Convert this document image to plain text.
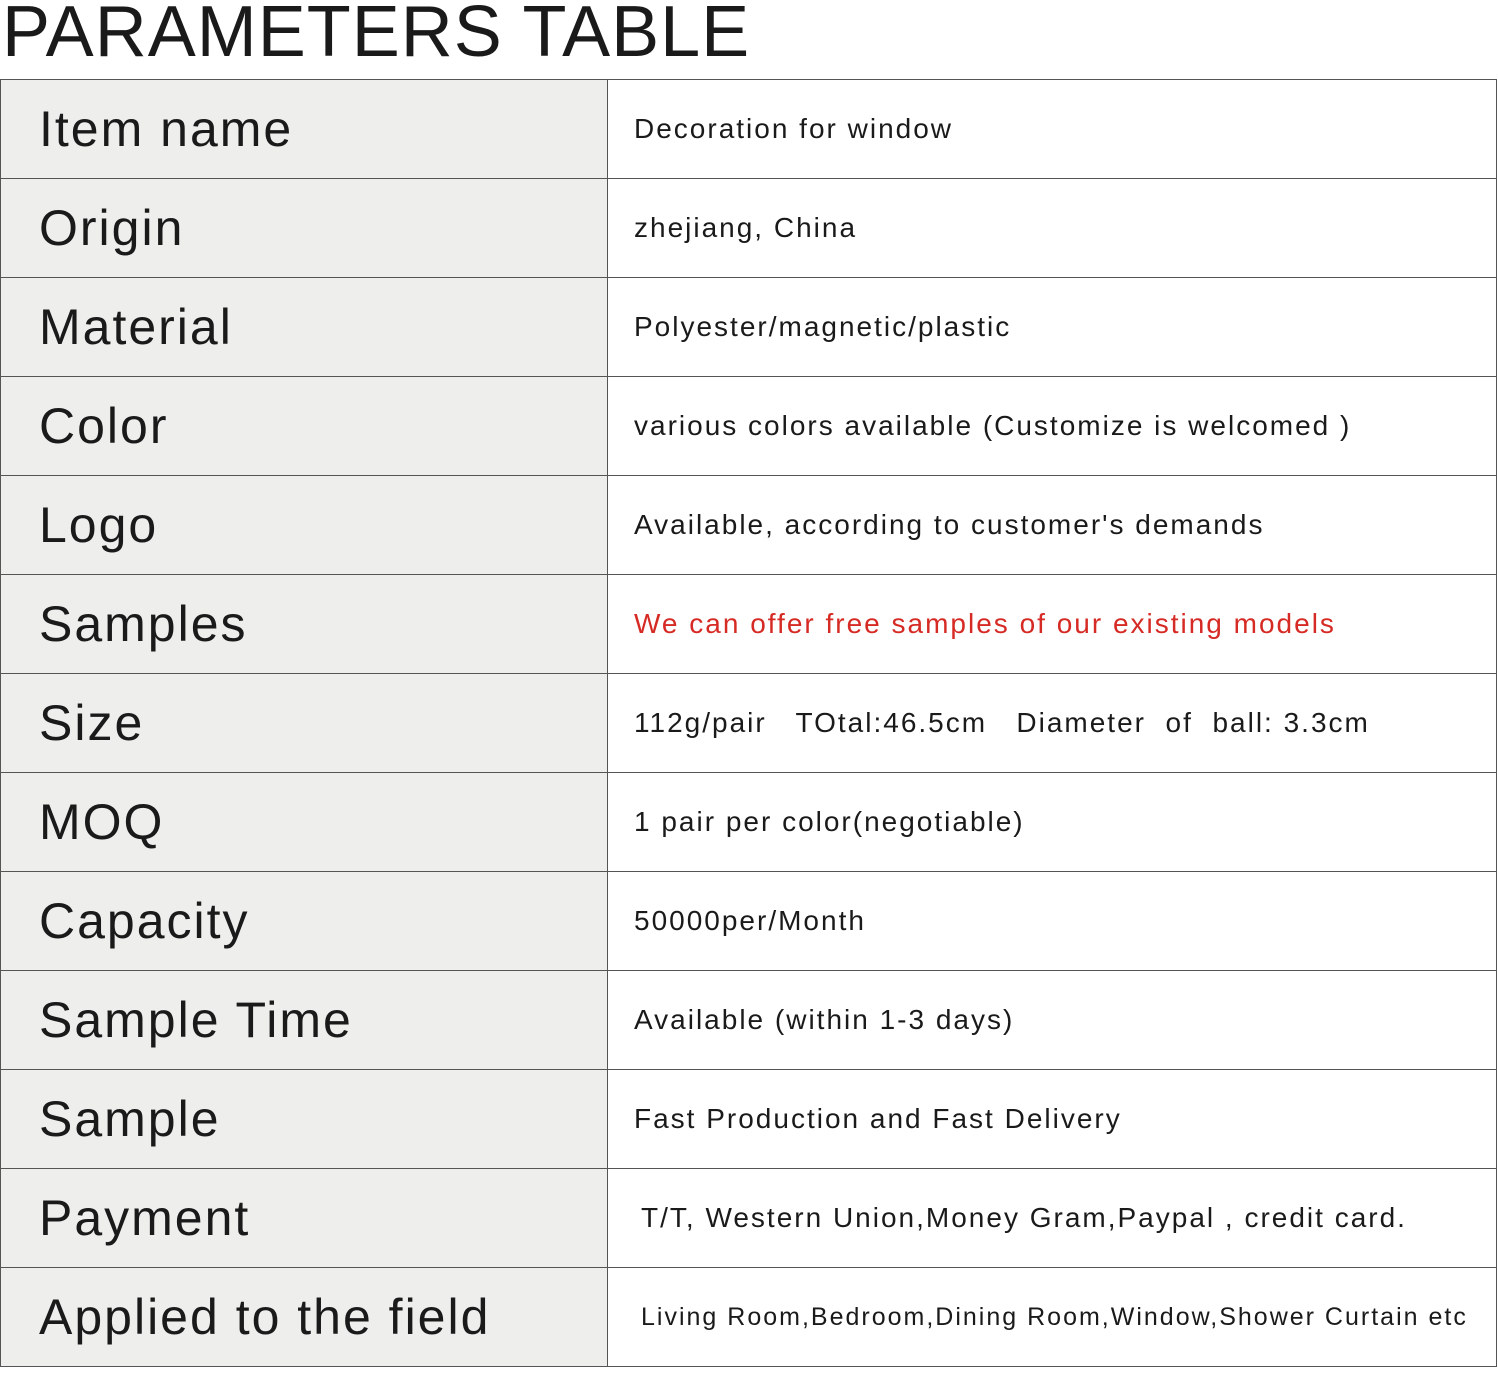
PARAMETERS TABLE
Item name	Decoration for window
Origin	zhejiang, China
Material	Polyester/magnetic/plastic
Color	various colors available (Customize is welcomed )
Logo	Available, according to customer's demands
Samples	We can offer free samples of our existing models
Size	112g/pair   TOtal:46.5cm   Diameter  of  ball: 3.3cm
MOQ	1 pair per color(negotiable)
Capacity	50000per/Month
Sample Time	Available (within 1-3 days)
Sample	Fast Production and Fast Delivery
Payment	T/T, Western Union,Money Gram,Paypal , credit card.
Applied to the field	Living Room,Bedroom,Dining Room,Window,Shower Curtain etc
